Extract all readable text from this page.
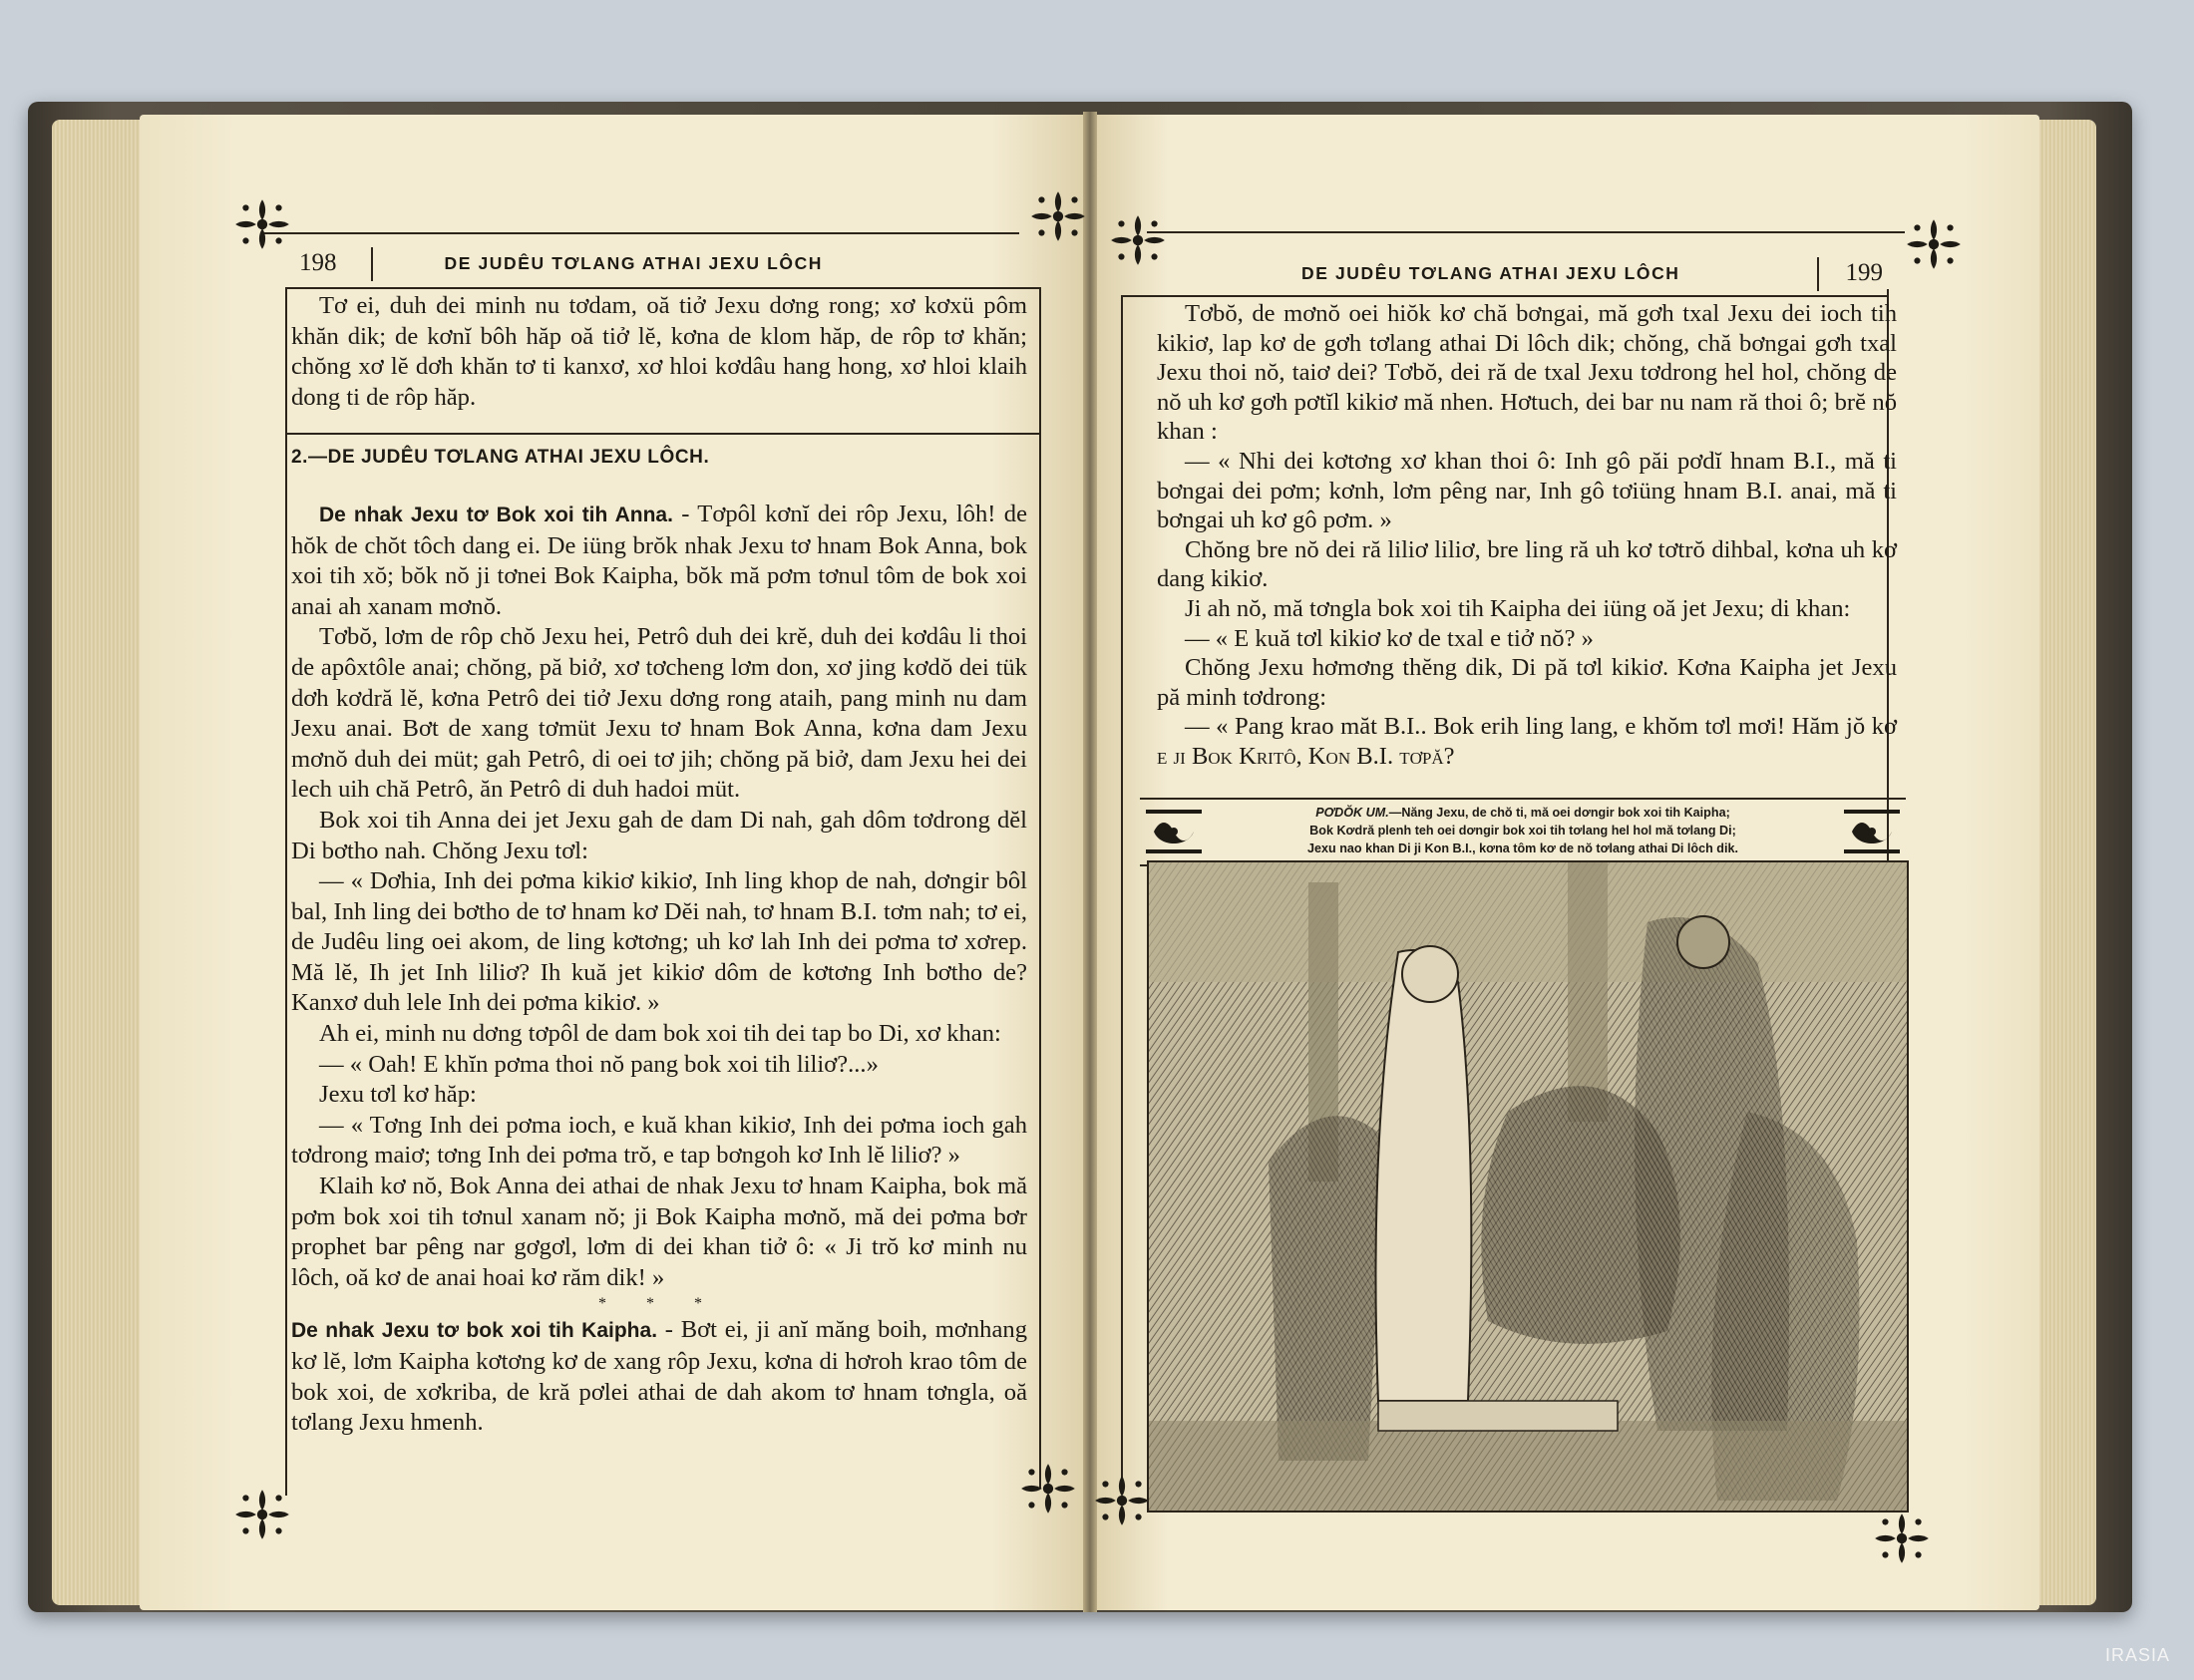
198	DE JUDÊU TƠLANG ATHAI JEXU LÔCH

Tơ ei, duh dei minh nu tơdam, oă tiở Jexu dơng rong; xơ kơxü pôm khăn dik; de kơnĭ bôh hăp oă tiở lĕ, kơna de klom hăp, de rôp tơ khăn; chŏng xơ lĕ dơh khăn tơ ti kanxơ, xơ hloi kơdâu hang hong, xơ hloi klaih dong ti de rôp hăp.

2.—DE JUDÊU TƠLANG ATHAI JEXU LÔCH.

De nhak Jexu tơ Bok xoi tih Anna. - Tơpôl kơnĭ dei rôp Jexu, lôh! de hŏk de chŏt tôch dang ei. De iüng brŏk nhak Jexu tơ hnam Bok Anna, bok xoi tih xŏ; bŏk nŏ ji tơnei Bok Kaipha, bŏk mă pơm tơnul tôm de bok xoi anai ah xanam mơnŏ.

Tơbŏ, lơm de rôp chŏ Jexu hei, Petrô duh dei krĕ, duh dei kơdâu li thoi de apôxtôle anai; chŏng, pă biở, xơ tơcheng lơm don, xơ jing kơdŏ dei tük dơh kơdră lĕ, kơna Petrô dei tiở Jexu dơng rong ataih, pang minh nu dam Jexu anai. Bơt de xang tơmüt Jexu tơ hnam Bok Anna, kơna dam Jexu mơnŏ duh dei müt; gah Petrô, di oei tơ jih; chŏng pă biở, dam Jexu hei dei lech uih chă Petrô, ăn Petrô di duh hadoi müt.

Bok xoi tih Anna dei jet Jexu gah de dam Di nah, gah dôm tơdrong dĕl Di bơtho nah. Chŏng Jexu tơl:

— « Dơhia, Inh dei pơma kikiơ kikiơ, Inh ling khop de nah, dơngir bôl bal, Inh ling dei bơtho de tơ hnam kơ Dĕi nah, tơ hnam B.I. tơm nah; tơ ei, de Judêu ling oei akom, de ling kơtơng; uh kơ lah Inh dei pơma tơ xơrep. Mă lĕ, Ih jet Inh liliơ? Ih kuă jet kikiơ dôm de kơtơng Inh bơtho de? Kanxơ duh lele Inh dei pơma kikiơ. »

Ah ei, minh nu dơng tơpôl de dam bok xoi tih dei tap bo Di, xơ khan:

— « Oah! E khĭn pơma thoi nŏ pang bok xoi tih liliơ?...»

Jexu tơl kơ hăp:

— « Tơng Inh dei pơma ioch, e kuă khan kikiơ, Inh dei pơma ioch gah tơdrong maiơ; tơng Inh dei pơma trŏ, e tap bơngoh kơ Inh lĕ liliơ? »

Klaih kơ nŏ, Bok Anna dei athai de nhak Jexu tơ hnam Kaipha, bok mă pơm bok xoi tih tơnul xanam nŏ; ji Bok Kaipha mơnŏ, mă dei pơma bơr prophet bar pêng nar gơgơl, lơm di dei khan tiở ô: « Ji trŏ kơ minh nu lôch, oă kơ de anai hoai kơ răm dik! »

* * *

De nhak Jexu tơ bok xoi tih Kaipha. - Bơt ei, ji anĭ măng boih, mơnhang kơ lĕ, lơm Kaipha kơtơng kơ de xang rôp Jexu, kơna di hơroh krao tôm de bok xoi, de xơkriba, de kră pơlei athai de dah akom tơ hnam tơngla, oă tơlang Jexu hmenh.

DE JUDÊU TƠLANG ATHAI JEXU LÔCH	199

Tơbŏ, de mơnŏ oei hiŏk kơ chă bơngai, mă gơh txal Jexu dei ioch tih kikiơ, lap kơ de gơh tơlang athai Di lôch dik; chŏng, chă bơngai gơh txal Jexu thoi nŏ, taiơ dei? Tơbŏ, dei ră de txal Jexu tơdrong hel hol, chŏng de nŏ uh kơ gơh pơtĭl kikiơ mă nhen. Hơtuch, dei bar nu nam ră thoi ô; brĕ nŏ khan :

— « Nhi dei kơtơng xơ khan thoi ô: Inh gô păi pơdĭ hnam B.I., mă ti bơngai dei pơm; kơnh, lơm pêng nar, Inh gô tơiüng hnam B.I. anai, mă ti bơngai uh kơ gô pơm. »

Chŏng bre nŏ dei ră liliơ liliơ, bre ling ră uh kơ tơtrŏ dihbal, kơna uh kơ dang kikiơ.

Ji ah nŏ, mă tơngla bok xoi tih Kaipha dei iüng oă jet Jexu; di khan:

— « E kuă tơl kikiơ kơ de txal e tiở nŏ? »

Chŏng Jexu hơmơng thĕng dik, Di pă tơl kikiơ. Kơna Kaipha jet Jexu pă minh tơdrong:

— « Pang krao măt B.I.. Bok erih ling lang, e khŏm tơl mơi! Hăm jŏ kơ e ji Bok Kritô, Kon B.I. tơpă?

PƠDŎK UM.—Năng Jexu, de chŏ ti, mă oei dơngir bok xoi tih Kaipha;
Bok Kơdră plenh teh oei dơngir bok xoi tih tơlang hel hol mă tơlang Di;
Jexu nao khan Di ji Kon B.I., kơna tôm kơ de nŏ tơlang athai Di lôch dik.
IRASIA
